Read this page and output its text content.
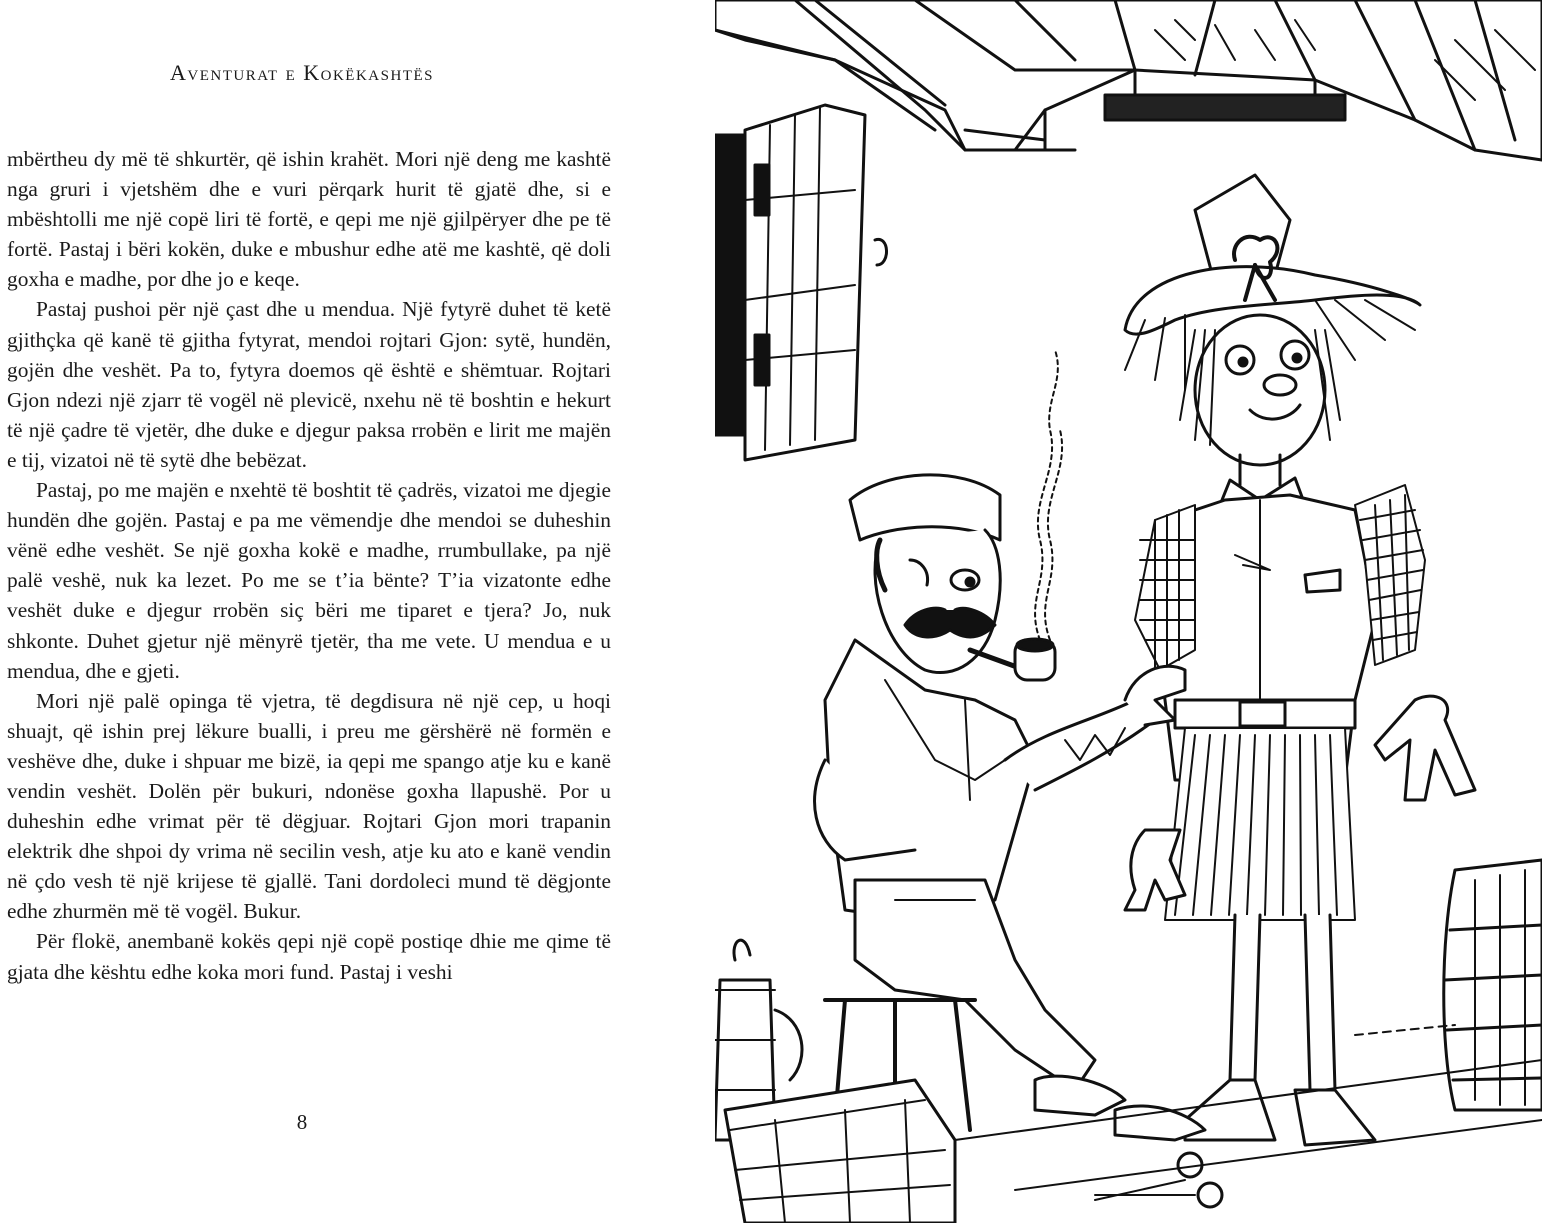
Aventurat e Kokëkashtës

mbërtheu dy më të shkurtër, që ishin krahët. Mori një deng me kashtë nga gruri i vjetshëm dhe e vuri përqark hurit të gjatë dhe, si e mbështolli me një copë liri të fortë, e qepi me një gjilpëryer dhe pe të fortë. Pastaj i bëri kokën, duke e mbushur edhe atë me kashtë, që doli goxha e madhe, por dhe jo e keqe.

Pastaj pushoi për një çast dhe u mendua. Një fytyrë duhet të ketë gjithçka që kanë të gjitha fytyrat, mendoi rojtari Gjon: sytë, hundën, gojën dhe veshët. Pa to, fytyra doemos që është e shëmtuar. Rojtari Gjon ndezi një zjarr të vogël në plevicë, nxehu në të boshtin e hekurt të një çadre të vjetër, dhe duke e djegur paksa rrobën e lirit me majën e tij, vizatoi në të sytë dhe bebëzat.

Pastaj, po me majën e nxehtë të boshtit të çadrës, vizatoi me djegie hundën dhe gojën. Pastaj e pa me vëmendje dhe mendoi se duheshin vënë edhe veshët. Se një goxha kokë e madhe, rrumbullake, pa një palë veshë, nuk ka lezet. Po me se t’ia bënte? T’ia vizatonte edhe veshët duke e djegur rrobën siç bëri me tiparet e tjera? Jo, nuk shkonte. Duhet gjetur një mënyrë tjetër, tha me vete. U mendua e u mendua, dhe e gjeti.

Mori një palë opinga të vjetra, të degdisura në një cep, u hoqi shuajt, që ishin prej lëkure bualli, i preu me gërshërë në formën e veshëve dhe, duke i shpuar me bizë, ia qepi me spango atje ku e kanë vendin veshët. Dolën për bukuri, ndonëse goxha llapushë. Por u duheshin edhe vrimat për të dëgjuar. Rojtari Gjon mori trapanin elektrik dhe shpoi dy vrima në secilin vesh, atje ku ato e kanë vendin në çdo vesh të një krijese të gjallë. Tani dordoleci mund të dëgjonte edhe zhurmën më të vogël. Bukur.

Për flokë, anembanë kokës qepi një copë postiqe dhie me qime të gjata dhe kështu edhe koka mori fund. Pastaj i veshi

8
